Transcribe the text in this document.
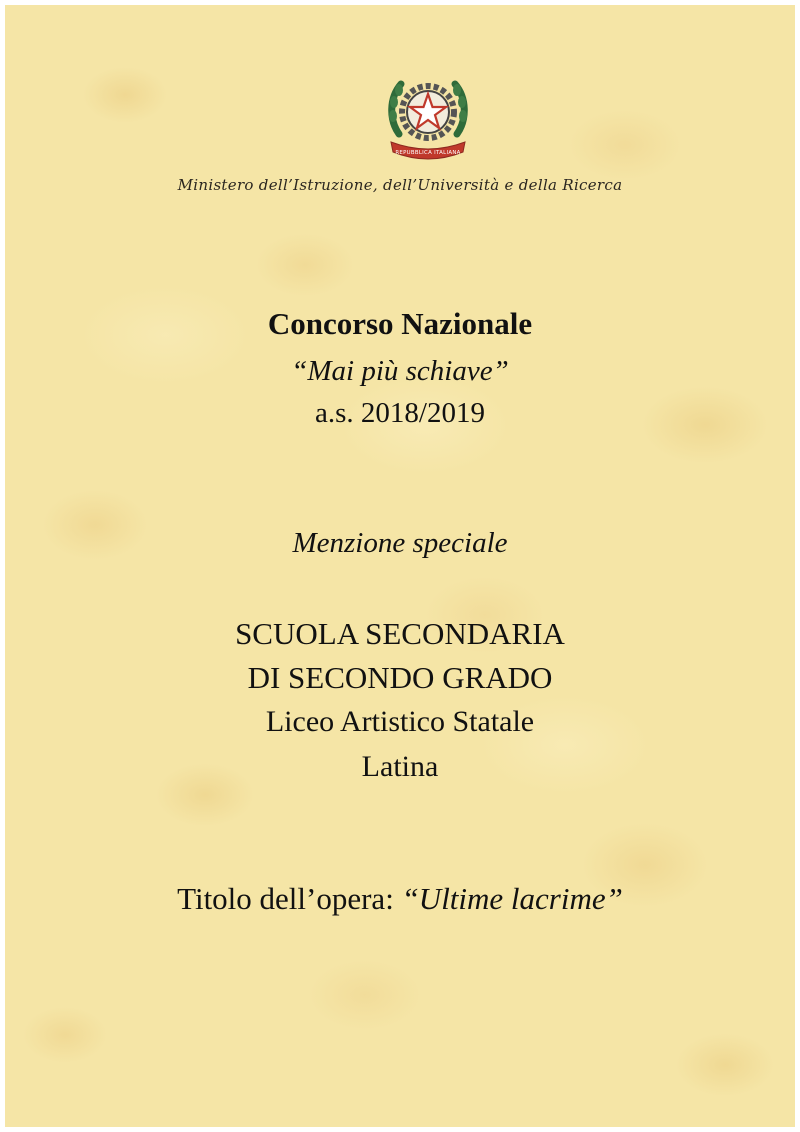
REPUBBLICA ITALIANA
Ministero dell’Istruzione, dell’Università e della Ricerca
Concorso Nazionale
“Mai più schiave”
a.s. 2018/2019
Menzione speciale
SCUOLA SECONDARIA
DI SECONDO GRADO
Liceo Artistico Statale
Latina
Titolo dell’opera: “Ultime lacrime”
